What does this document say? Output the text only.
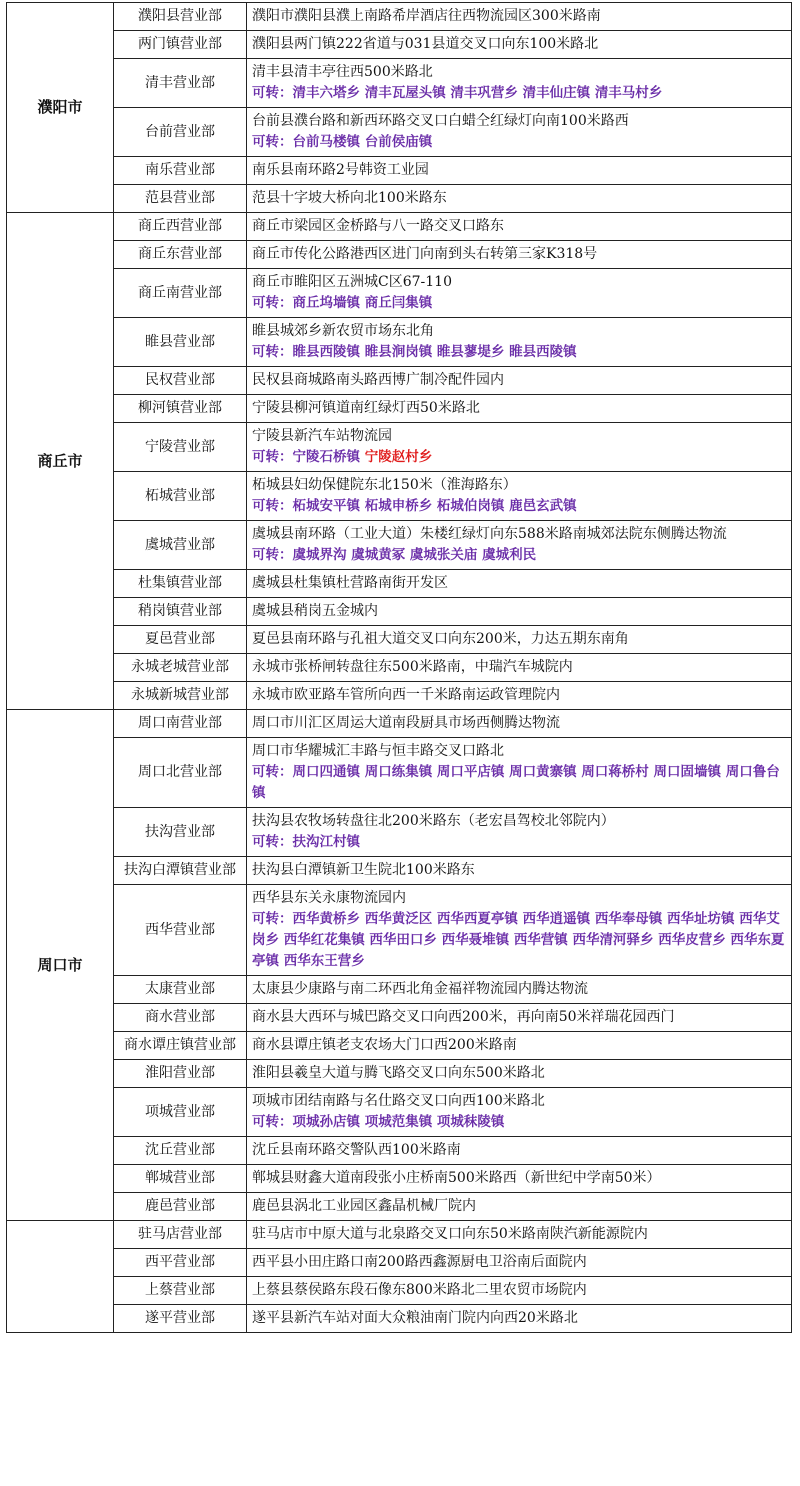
濮阳市	濮阳县营业部	濮阳市濮阳县濮上南路希岸酒店往西物流园区300米路南

	两门镇营业部	濮阳县两门镇222省道与031县道交叉口向东100米路北

	清丰营业部	清丰县清丰亭往西500米路北
可转：清丰六塔乡 清丰瓦屋头镇 清丰巩营乡 清丰仙庄镇 清丰马村乡

	台前营业部	台前县濮台路和新西环路交叉口白蜡仝红绿灯向南100米路西
可转：台前马楼镇 台前侯庙镇

	南乐营业部	南乐县南环路2号韩资工业园

	范县营业部	范县十字坡大桥向北100米路东

商丘市	商丘西营业部	商丘市梁园区金桥路与八一路交叉口路东

	商丘东营业部	商丘市传化公路港西区进门向南到头右转第三家K318号

	商丘南营业部	商丘市睢阳区五洲城C区67-110
可转：商丘坞墙镇 商丘闫集镇

	睢县营业部	睢县城郊乡新农贸市场东北角
可转：睢县西陵镇 睢县涧岗镇 睢县蓼堤乡 睢县西陵镇

	民权营业部	民权县商城路南头路西博广制冷配件园内

	柳河镇营业部	宁陵县柳河镇道南红绿灯西50米路北

	宁陵营业部	宁陵县新汽车站物流园
可转：宁陵石桥镇 宁陵赵村乡

	柘城营业部	柘城县妇幼保健院东北150米（淮海路东）
可转：柘城安平镇 柘城申桥乡 柘城伯岗镇 鹿邑玄武镇

	虞城营业部	虞城县南环路（工业大道）朱楼红绿灯向东588米路南城郊法院东侧腾达物流
可转：虞城界沟 虞城黄冢 虞城张关庙 虞城利民

	杜集镇营业部	虞城县杜集镇杜营路南街开发区

	稍岗镇营业部	虞城县稍岗五金城内

	夏邑营业部	夏邑县南环路与孔祖大道交叉口向东200米，力达五期东南角

	永城老城营业部	永城市张桥闸转盘往东500米路南，中瑞汽车城院内

	永城新城营业部	永城市欧亚路车管所向西一千米路南运政管理院内

周口市	周口南营业部	周口市川汇区周运大道南段厨具市场西侧腾达物流

	周口北营业部	周口市华耀城汇丰路与恒丰路交叉口路北
可转：周口四通镇 周口练集镇 周口平店镇 周口黄寨镇 周口蒋桥村 周口固墙镇 周口鲁台镇

	扶沟营业部	扶沟县农牧场转盘往北200米路东（老宏昌驾校北邻院内）
可转：扶沟江村镇

	扶沟白潭镇营业部	扶沟县白潭镇新卫生院北100米路东

	西华营业部	西华县东关永康物流园内
可转：西华黄桥乡 西华黄泛区 西华西夏亭镇 西华逍遥镇 西华奉母镇 西华址坊镇 西华艾岗乡 西华红花集镇 西华田口乡 西华聂堆镇 西华营镇 西华清河驿乡 西华皮营乡 西华东夏亭镇 西华东王营乡

	太康营业部	太康县少康路与南二环西北角金福祥物流园内腾达物流

	商水营业部	商水县大西环与城巴路交叉口向西200米，再向南50米祥瑞花园西门

	商水谭庄镇营业部	商水县谭庄镇老支农场大门口西200米路南

	淮阳营业部	淮阳县羲皇大道与腾飞路交叉口向东500米路北

	项城营业部	项城市团结南路与名仕路交叉口向西100米路北
可转：项城孙店镇 项城范集镇 项城秣陵镇

	沈丘营业部	沈丘县南环路交警队西100米路南

	郸城营业部	郸城县财鑫大道南段张小庄桥南500米路西（新世纪中学南50米）

	鹿邑营业部	鹿邑县涡北工业园区鑫晶机械厂院内

	驻马店营业部	驻马店市中原大道与北泉路交叉口向东50米路南陕汽新能源院内

	西平营业部	西平县小田庄路口南200路西鑫源厨电卫浴南后面院内

	上蔡营业部	上蔡县蔡侯路东段石像东800米路北二里农贸市场院内

	遂平营业部	遂平县新汽车站对面大众粮油南门院内向西20米路北
